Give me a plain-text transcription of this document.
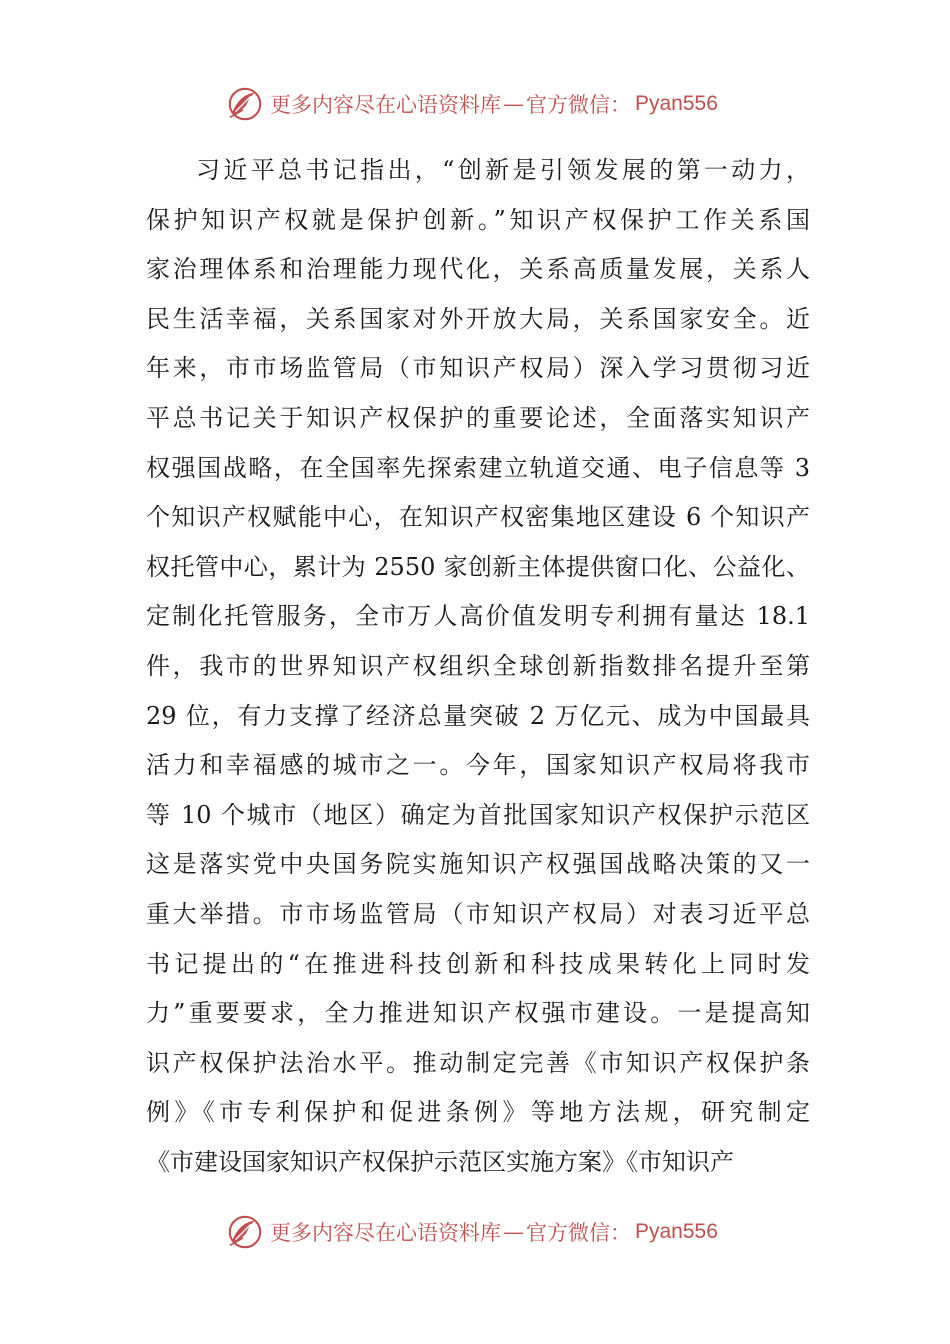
更多内容尽在心语资料库 — 官方微信： Pyan556
习近平总书记指出，“创新是引领发展的第一动力，
保护知识产权就是保护创新。”知识产权保护工作关系国
家治理体系和治理能力现代化，关系高质量发展，关系人
民生活幸福，关系国家对外开放大局，关系国家安全。近
年来，市市场监管局（市知识产权局）深入学习贯彻习近
平总书记关于知识产权保护的重要论述，全面落实知识产
权强国战略，在全国率先探索建立轨道交通、电子信息等 3
个知识产权赋能中心，在知识产权密集地区建设 6 个知识产
权托管中心，累计为 2550 家创新主体提供窗口化、公益化、
定制化托管服务，全市万人高价值发明专利拥有量达 18.1
件，我市的世界知识产权组织全球创新指数排名提升至第
29 位，有力支撑了经济总量突破 2 万亿元、成为中国最具
活力和幸福感的城市之一。今年，国家知识产权局将我市
等 10 个城市（地区）确定为首批国家知识产权保护示范区
这是落实党中央国务院实施知识产权强国战略决策的又一
重大举措。市市场监管局（市知识产权局）对表习近平总
书记提出的“在推进科技创新和科技成果转化上同时发
力”重要要求，全力推进知识产权强市建设。一是提高知
识产权保护法治水平。推动制定完善《市知识产权保护条
例》《市专利保护和促进条例》等地方法规，研究制定
《市建设国家知识产权保护示范区实施方案》《市知识产
更多内容尽在心语资料库 — 官方微信： Pyan556
